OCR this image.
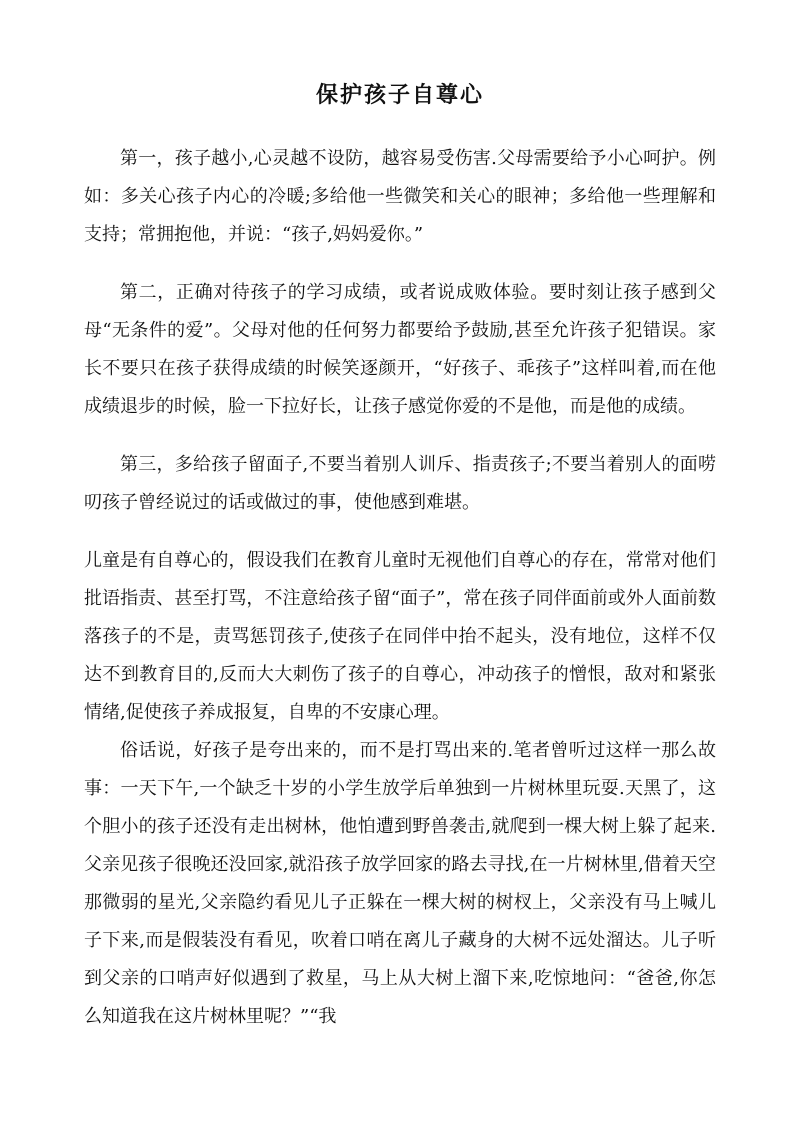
保护孩子自尊心

第一，孩子越小,心灵越不设防，越容易受伤害.父母需要给予小心呵护。例如：多关心孩子内心的冷暖;多给他一些微笑和关心的眼神；多给他一些理解和支持；常拥抱他，并说：“孩子,妈妈爱你。”

第二，正确对待孩子的学习成绩，或者说成败体验。要时刻让孩子感到父母“无条件的爱”。父母对他的任何努力都要给予鼓励,甚至允许孩子犯错误。家长不要只在孩子获得成绩的时候笑逐颜开，“好孩子、乖孩子”这样叫着,而在他成绩退步的时候，脸一下拉好长，让孩子感觉你爱的不是他，而是他的成绩。

第三，多给孩子留面子,不要当着别人训斥、指责孩子;不要当着别人的面唠叨孩子曾经说过的话或做过的事，使他感到难堪。

儿童是有自尊心的，假设我们在教育儿童时无视他们自尊心的存在，常常对他们批语指责、甚至打骂，不注意给孩子留“面子”，常在孩子同伴面前或外人面前数落孩子的不是，责骂惩罚孩子,使孩子在同伴中抬不起头，没有地位，这样不仅达不到教育目的,反而大大刺伤了孩子的自尊心，冲动孩子的憎恨，敌对和紧张情绪,促使孩子养成报复，自卑的不安康心理。

俗话说，好孩子是夸出来的，而不是打骂出来的.笔者曾听过这样一那么故事：一天下午,一个缺乏十岁的小学生放学后单独到一片树林里玩耍.天黑了，这个胆小的孩子还没有走出树林，他怕遭到野兽袭击,就爬到一棵大树上躲了起来.父亲见孩子很晚还没回家,就沿孩子放学回家的路去寻找,在一片树林里,借着天空那微弱的星光,父亲隐约看见儿子正躲在一棵大树的树杈上，父亲没有马上喊儿子下来,而是假装没有看见，吹着口哨在离儿子藏身的大树不远处溜达。儿子听到父亲的口哨声好似遇到了救星，马上从大树上溜下来,吃惊地问：“爸爸,你怎么知道我在这片树林里呢？”“我
